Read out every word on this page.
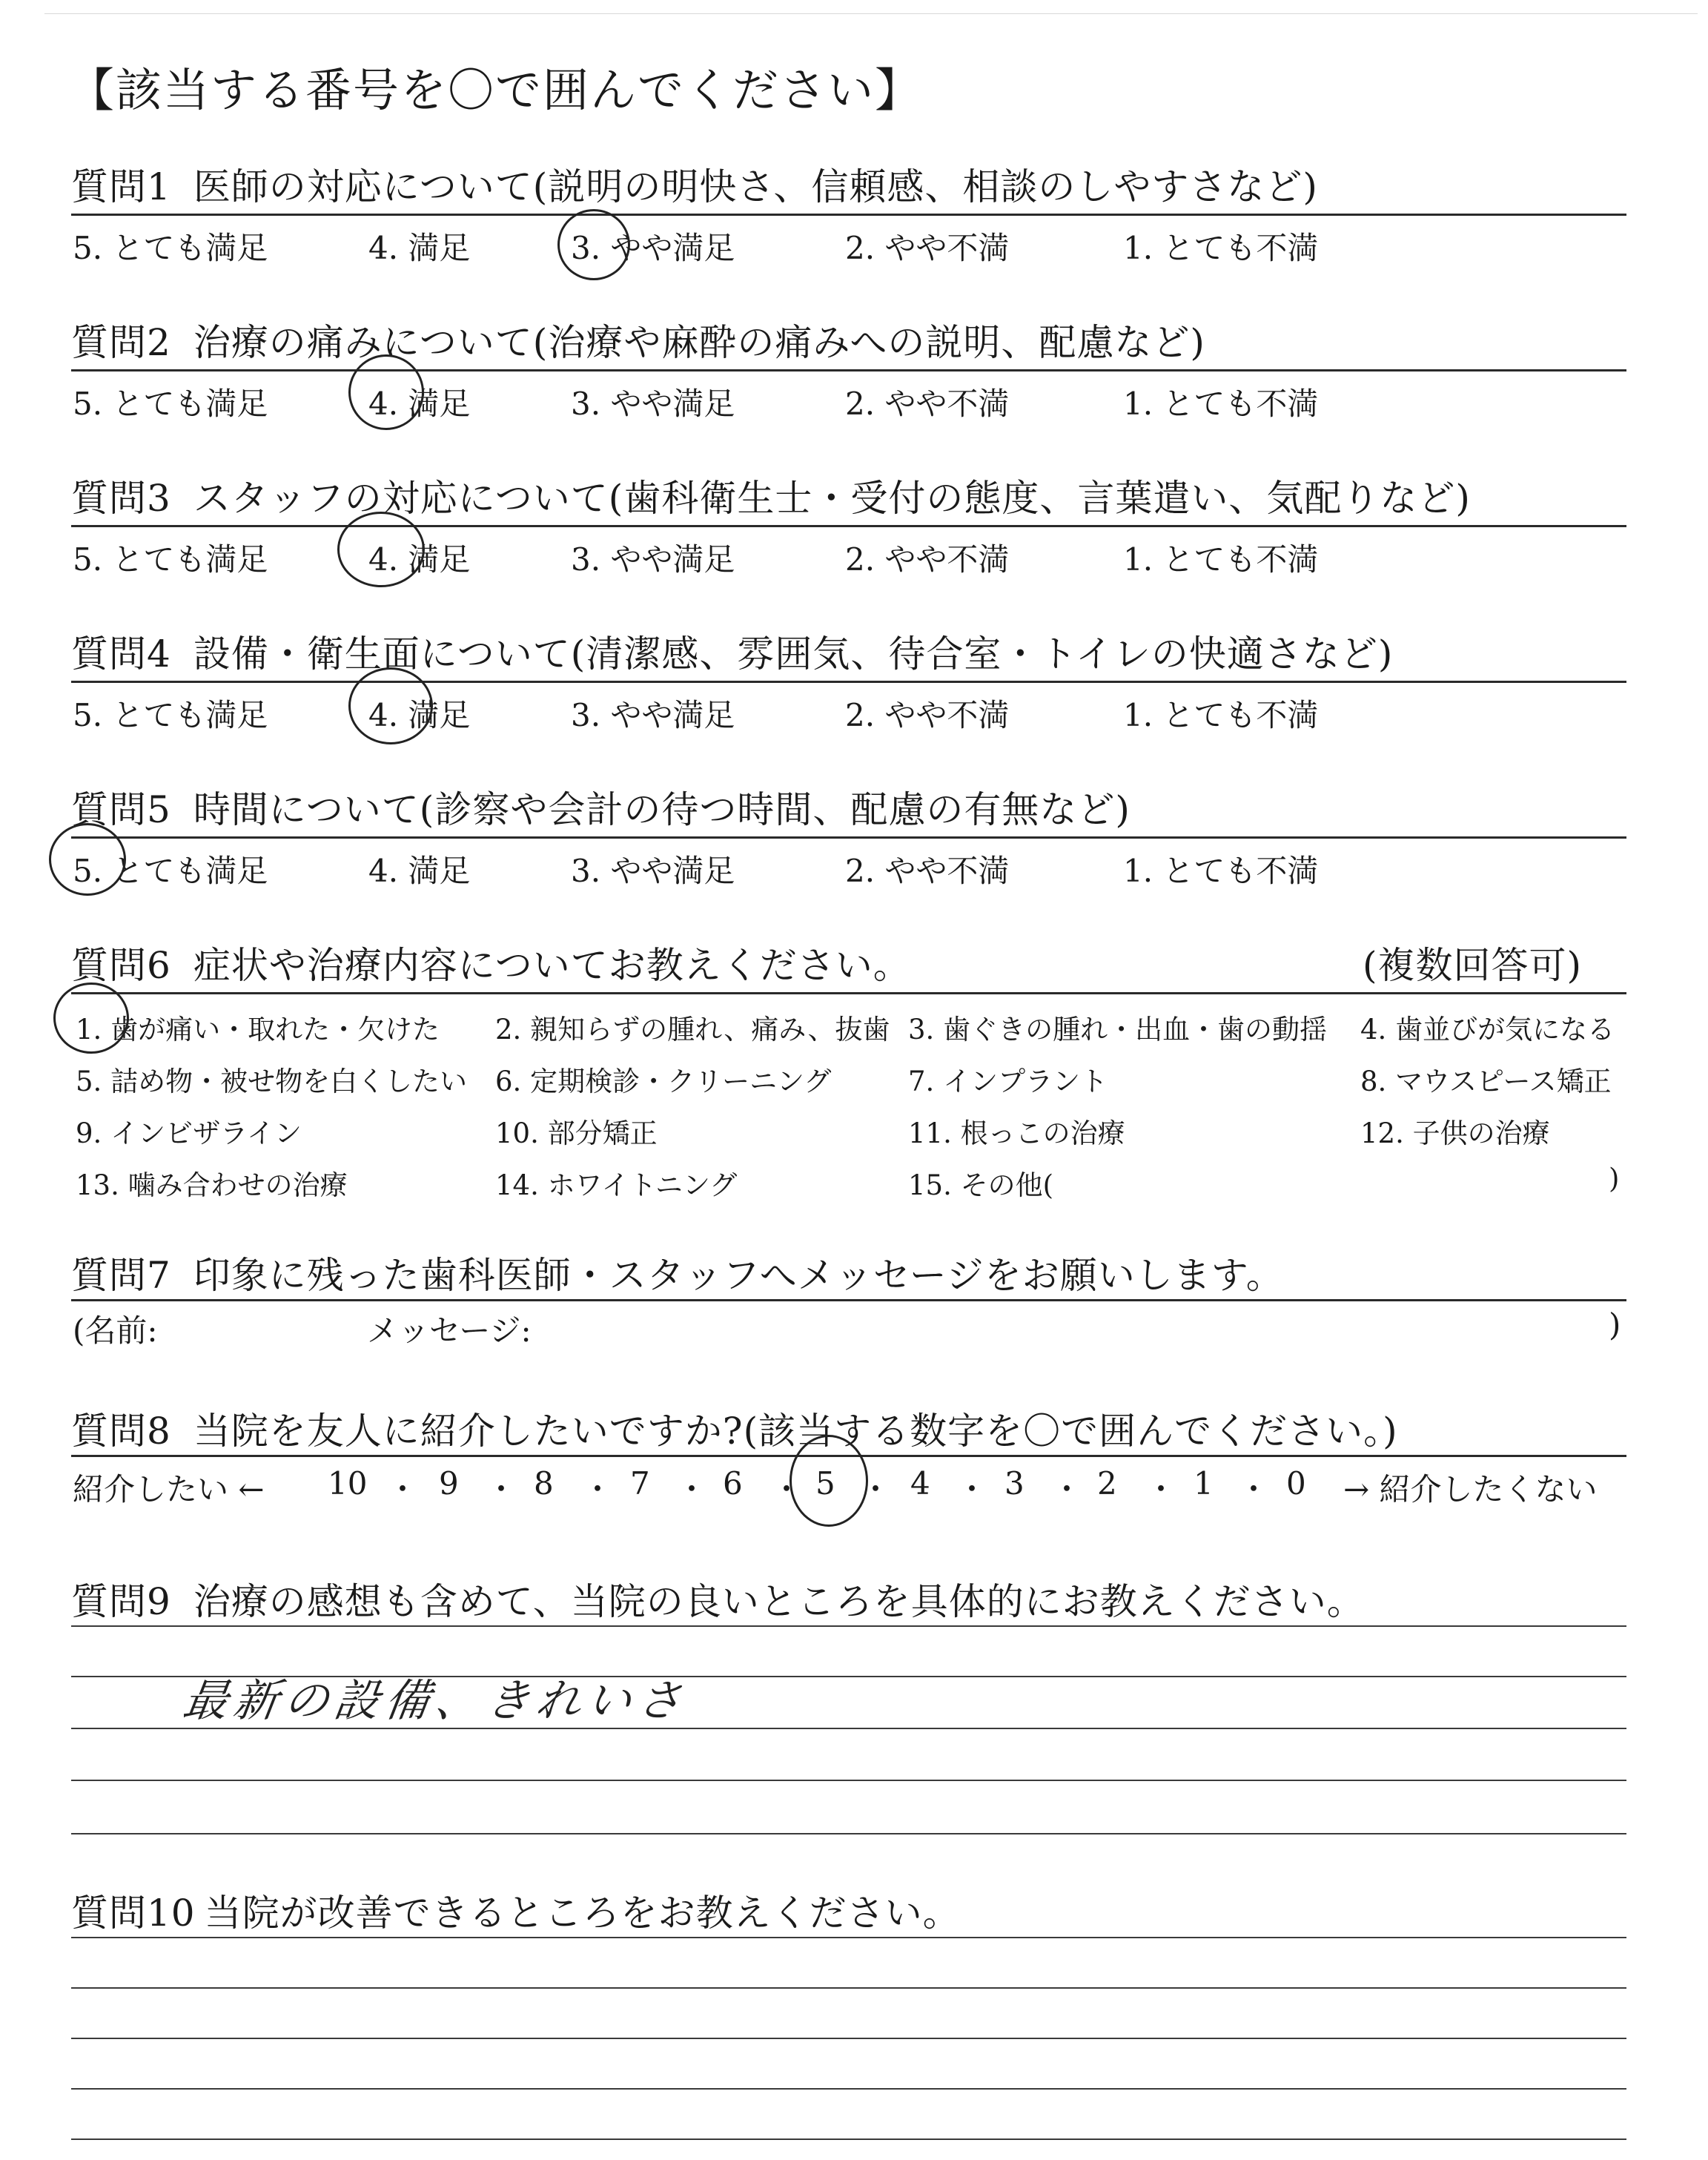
【該当する番号を〇で囲んでください】
質問1 医師の対応について(説明の明快さ、信頼感、相談のしやすさなど)
5. とても満足	4. 満足	3. やや満足	2. やや不満	1. とても不満
質問2 治療の痛みについて(治療や麻酔の痛みへの説明、配慮など)
5. とても満足	4. 満足	3. やや満足	2. やや不満	1. とても不満
質問3 スタッフの対応について(歯科衛生士・受付の態度、言葉遣い、気配りなど)
5. とても満足	4. 満足	3. やや満足	2. やや不満	1. とても不満
質問4 設備・衛生面について(清潔感、雰囲気、待合室・トイレの快適さなど)
5. とても満足	4. 満足	3. やや満足	2. やや不満	1. とても不満
質問5 時間について(診察や会計の待つ時間、配慮の有無など)
5. とても満足	4. 満足	3. やや満足	2. やや不満	1. とても不満
質問6 症状や治療内容についてお教えください。	(複数回答可)
1. 歯が痛い・取れた・欠けた 2. 親知らずの腫れ、痛み、抜歯 3. 歯ぐきの腫れ・出血・歯の動揺 4. 歯並びが気になる
5. 詰め物・被せ物を白くしたい 6. 定期検診・クリーニング	7. インプラント	8. マウスピース矯正
9. インビザライン	10. 部分矯正	11. 根っこの治療	12. 子供の治療
13. 噛み合わせの治療	14. ホワイトニング	15. その他(	)
質問7 印象に残った歯科医師・スタッフへメッセージをお願いします。
(名前:	メッセージ:	)
質問8 当院を友人に紹介したいですか?(該当する数字を〇で囲んでください。)
紹介したい ← 10 ・ 9 ・ 8 ・ 7 ・ 6 ・ 5 ・ 4 ・ 3 ・ 2 ・ 1 ・ 0 → 紹介したくない
質問9 治療の感想も含めて、当院の良いところを具体的にお教えください。
最新の設備、きれいさ
質問10 当院が改善できるところをお教えください。
